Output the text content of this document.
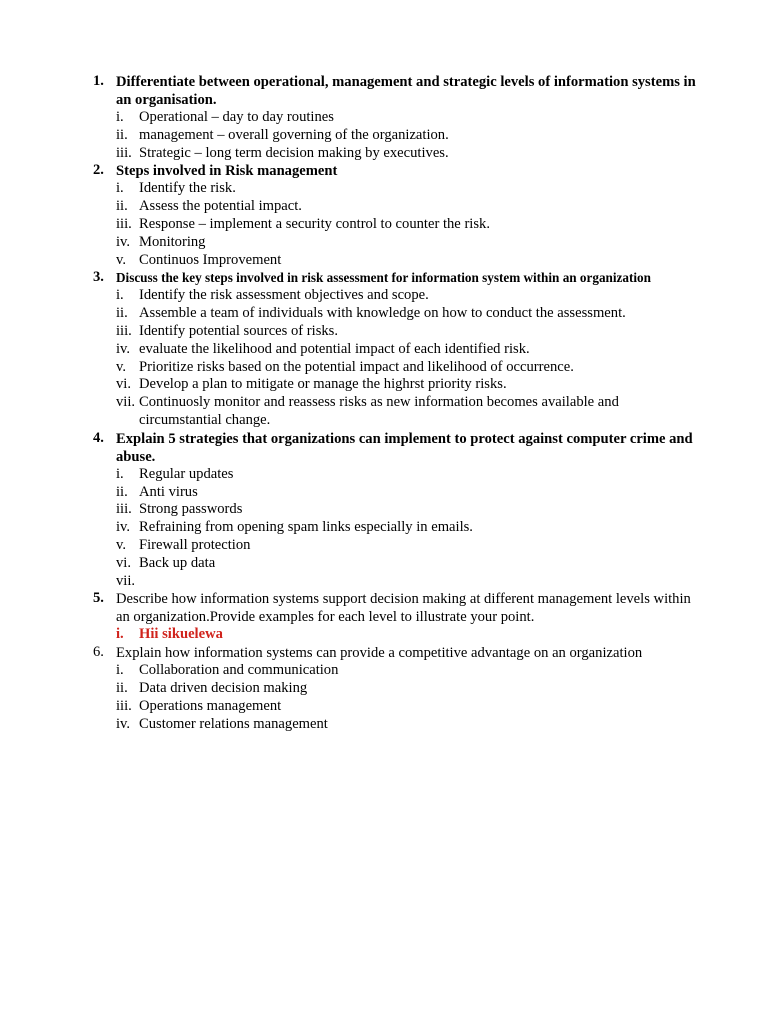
Differentiate between operational, management and strategic levels of information systems in an organisation.
1.
i. Operational – day to day routines
ii. management – overall governing of the organization.
iii. Strategic – long term decision making by executives.
Steps involved in Risk management
2.
i. Identify the risk.
ii. Assess the potential impact.
iii. Response – implement a security control to counter the risk.
iv. Monitoring
v. Continuos Improvement
Discuss the key steps involved in risk assessment for information system within an organization
3.
i. Identify the risk assessment objectives and scope.
ii. Assemble a team of individuals with knowledge on how to conduct the assessment.
iii. Identify potential sources of risks.
iv. evaluate the likelihood and potential impact of each identified risk.
v. Prioritize risks based on the potential impact and likelihood of occurrence.
vi. Develop a plan to mitigate or manage the highrst priority risks.
vii. Continuosly monitor and reassess risks as new information becomes available and circumstantial change.
Explain 5 strategies that organizations can implement to protect against computer crime and abuse.
4.
i. Regular updates
ii. Anti virus
iii. Strong passwords
iv. Refraining from opening spam links especially in emails.
v. Firewall protection
vi. Back up data
vii.
Describe how information systems support decision making at different management levels within an organization.Provide examples for each level to illustrate your point.
5.
i. Hii sikuelewa
Explain how information systems can provide a competitive advantage on an organization
6.
i. Collaboration and communication
ii. Data driven decision making
iii. Operations management
iv. Customer relations management
